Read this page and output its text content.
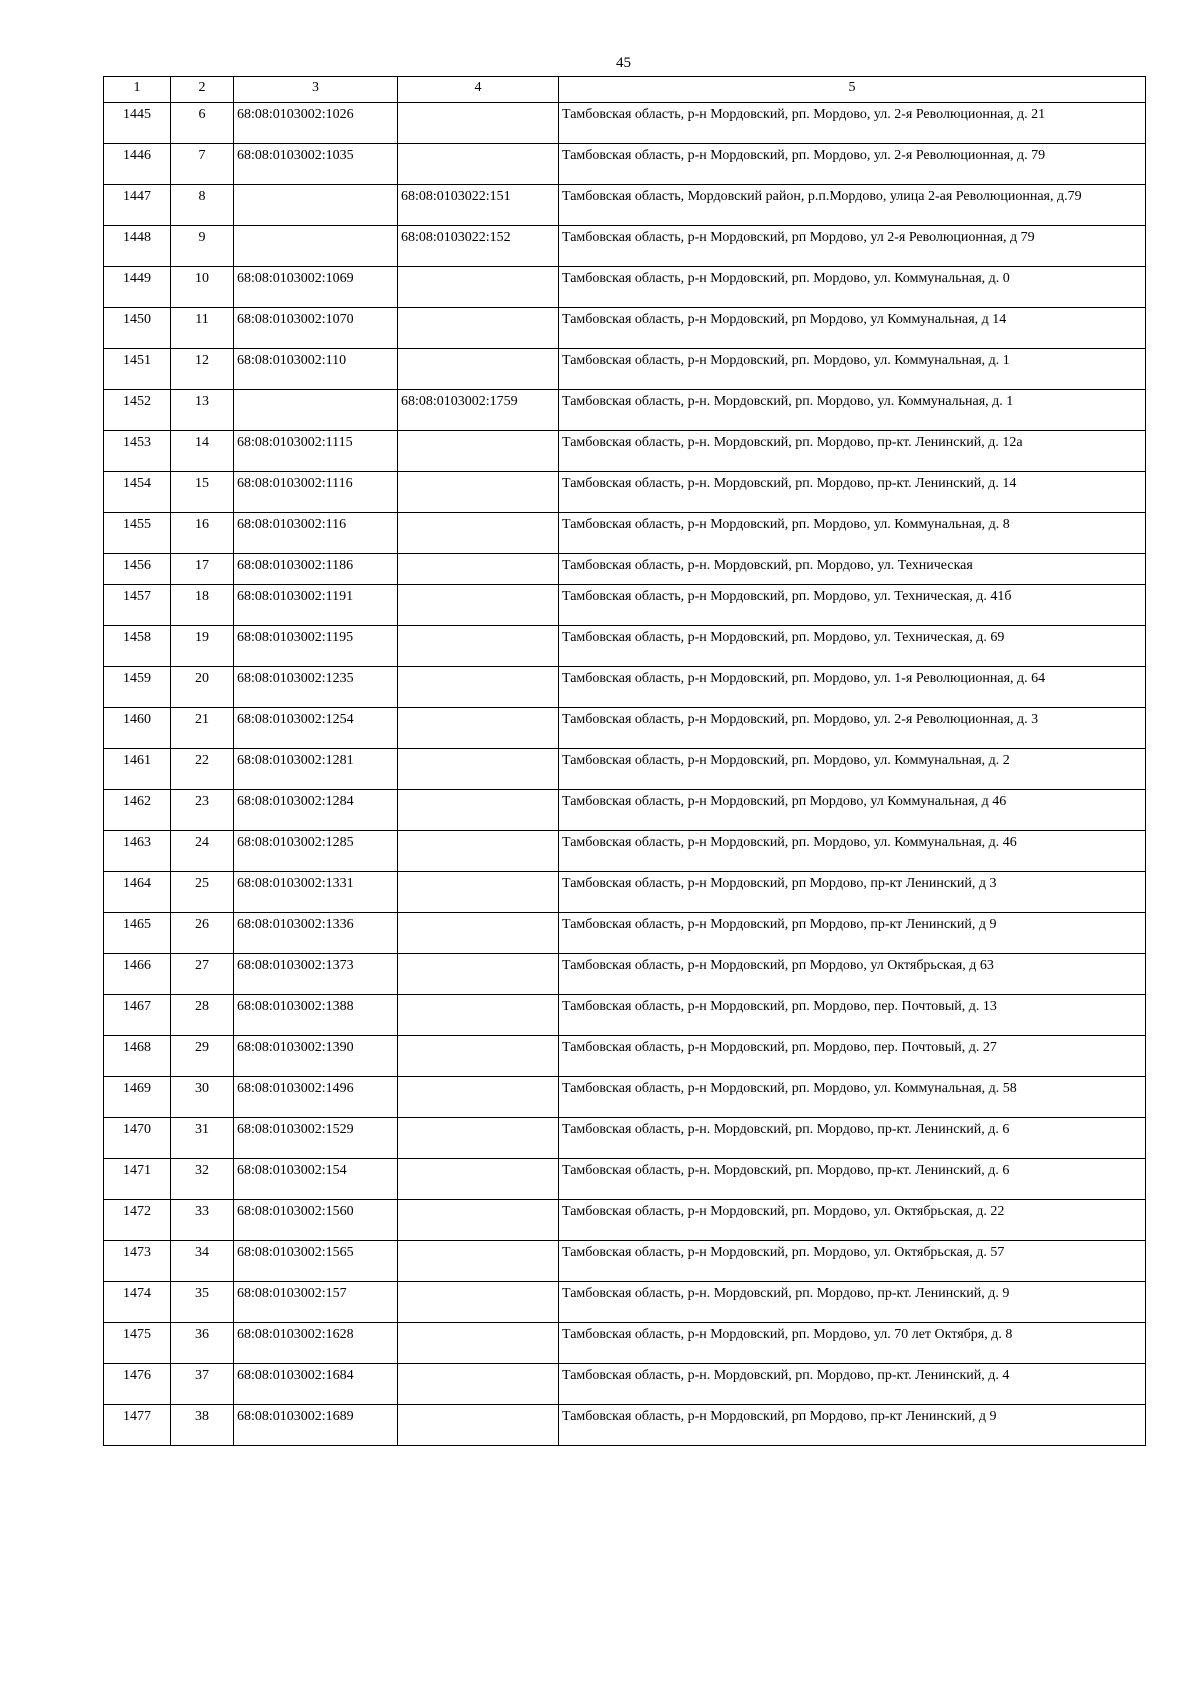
45
1	2	3	4	5
1445	6	68:08:0103002:1026		Тамбовская область, р-н Мордовский, рп. Мордово, ул. 2-я Революционная, д. 21
1446	7	68:08:0103002:1035		Тамбовская область, р-н Мордовский, рп. Мордово, ул. 2-я Революционная, д. 79
1447	8		68:08:0103022:151	Тамбовская область, Мордовский район, р.п.Мордово, улица 2-ая Революционная, д.79
1448	9		68:08:0103022:152	Тамбовская область, р-н Мордовский, рп Мордово, ул 2-я Революционная, д 79
1449	10	68:08:0103002:1069		Тамбовская область, р-н Мордовский, рп. Мордово, ул. Коммунальная, д. 0
1450	11	68:08:0103002:1070		Тамбовская область, р-н Мордовский, рп Мордово, ул Коммунальная, д 14
1451	12	68:08:0103002:110		Тамбовская область, р-н Мордовский, рп. Мордово, ул. Коммунальная, д. 1
1452	13		68:08:0103002:1759	Тамбовская область, р-н. Мордовский, рп. Мордово, ул. Коммунальная, д. 1
1453	14	68:08:0103002:1115		Тамбовская область, р-н. Мордовский, рп. Мордово, пр-кт. Ленинский, д. 12а
1454	15	68:08:0103002:1116		Тамбовская область, р-н. Мордовский, рп. Мордово, пр-кт. Ленинский, д. 14
1455	16	68:08:0103002:116		Тамбовская область, р-н Мордовский, рп. Мордово, ул. Коммунальная, д. 8
1456	17	68:08:0103002:1186		Тамбовская область, р-н. Мордовский, рп. Мордово, ул. Техническая
1457	18	68:08:0103002:1191		Тамбовская область, р-н Мордовский, рп. Мордово, ул. Техническая, д. 41б
1458	19	68:08:0103002:1195		Тамбовская область, р-н Мордовский, рп. Мордово, ул. Техническая, д. 69
1459	20	68:08:0103002:1235		Тамбовская область, р-н Мордовский, рп. Мордово, ул. 1-я Революционная, д. 64
1460	21	68:08:0103002:1254		Тамбовская область, р-н Мордовский, рп. Мордово, ул. 2-я Революционная, д. 3
1461	22	68:08:0103002:1281		Тамбовская область, р-н Мордовский, рп. Мордово, ул. Коммунальная, д. 2
1462	23	68:08:0103002:1284		Тамбовская область, р-н Мордовский, рп Мордово, ул Коммунальная, д 46
1463	24	68:08:0103002:1285		Тамбовская область, р-н Мордовский, рп. Мордово, ул. Коммунальная, д. 46
1464	25	68:08:0103002:1331		Тамбовская область, р-н Мордовский, рп Мордово, пр-кт Ленинский, д 3
1465	26	68:08:0103002:1336		Тамбовская область, р-н Мордовский, рп Мордово, пр-кт Ленинский, д 9
1466	27	68:08:0103002:1373		Тамбовская область, р-н Мордовский, рп Мордово, ул Октябрьская, д 63
1467	28	68:08:0103002:1388		Тамбовская область, р-н Мордовский, рп. Мордово, пер. Почтовый, д. 13
1468	29	68:08:0103002:1390		Тамбовская область, р-н Мордовский, рп. Мордово, пер. Почтовый, д. 27
1469	30	68:08:0103002:1496		Тамбовская область, р-н Мордовский, рп. Мордово, ул. Коммунальная, д. 58
1470	31	68:08:0103002:1529		Тамбовская область, р-н. Мордовский, рп. Мордово, пр-кт. Ленинский, д. 6
1471	32	68:08:0103002:154		Тамбовская область, р-н. Мордовский, рп. Мордово, пр-кт. Ленинский, д. 6
1472	33	68:08:0103002:1560		Тамбовская область, р-н Мордовский, рп. Мордово, ул. Октябрьская, д. 22
1473	34	68:08:0103002:1565		Тамбовская область, р-н Мордовский, рп. Мордово, ул. Октябрьская, д. 57
1474	35	68:08:0103002:157		Тамбовская область, р-н. Мордовский, рп. Мордово, пр-кт. Ленинский, д. 9
1475	36	68:08:0103002:1628		Тамбовская область, р-н Мордовский, рп. Мордово, ул. 70 лет Октября, д. 8
1476	37	68:08:0103002:1684		Тамбовская область, р-н. Мордовский, рп. Мордово, пр-кт. Ленинский, д. 4
1477	38	68:08:0103002:1689		Тамбовская область, р-н Мордовский, рп Мордово, пр-кт Ленинский, д 9
